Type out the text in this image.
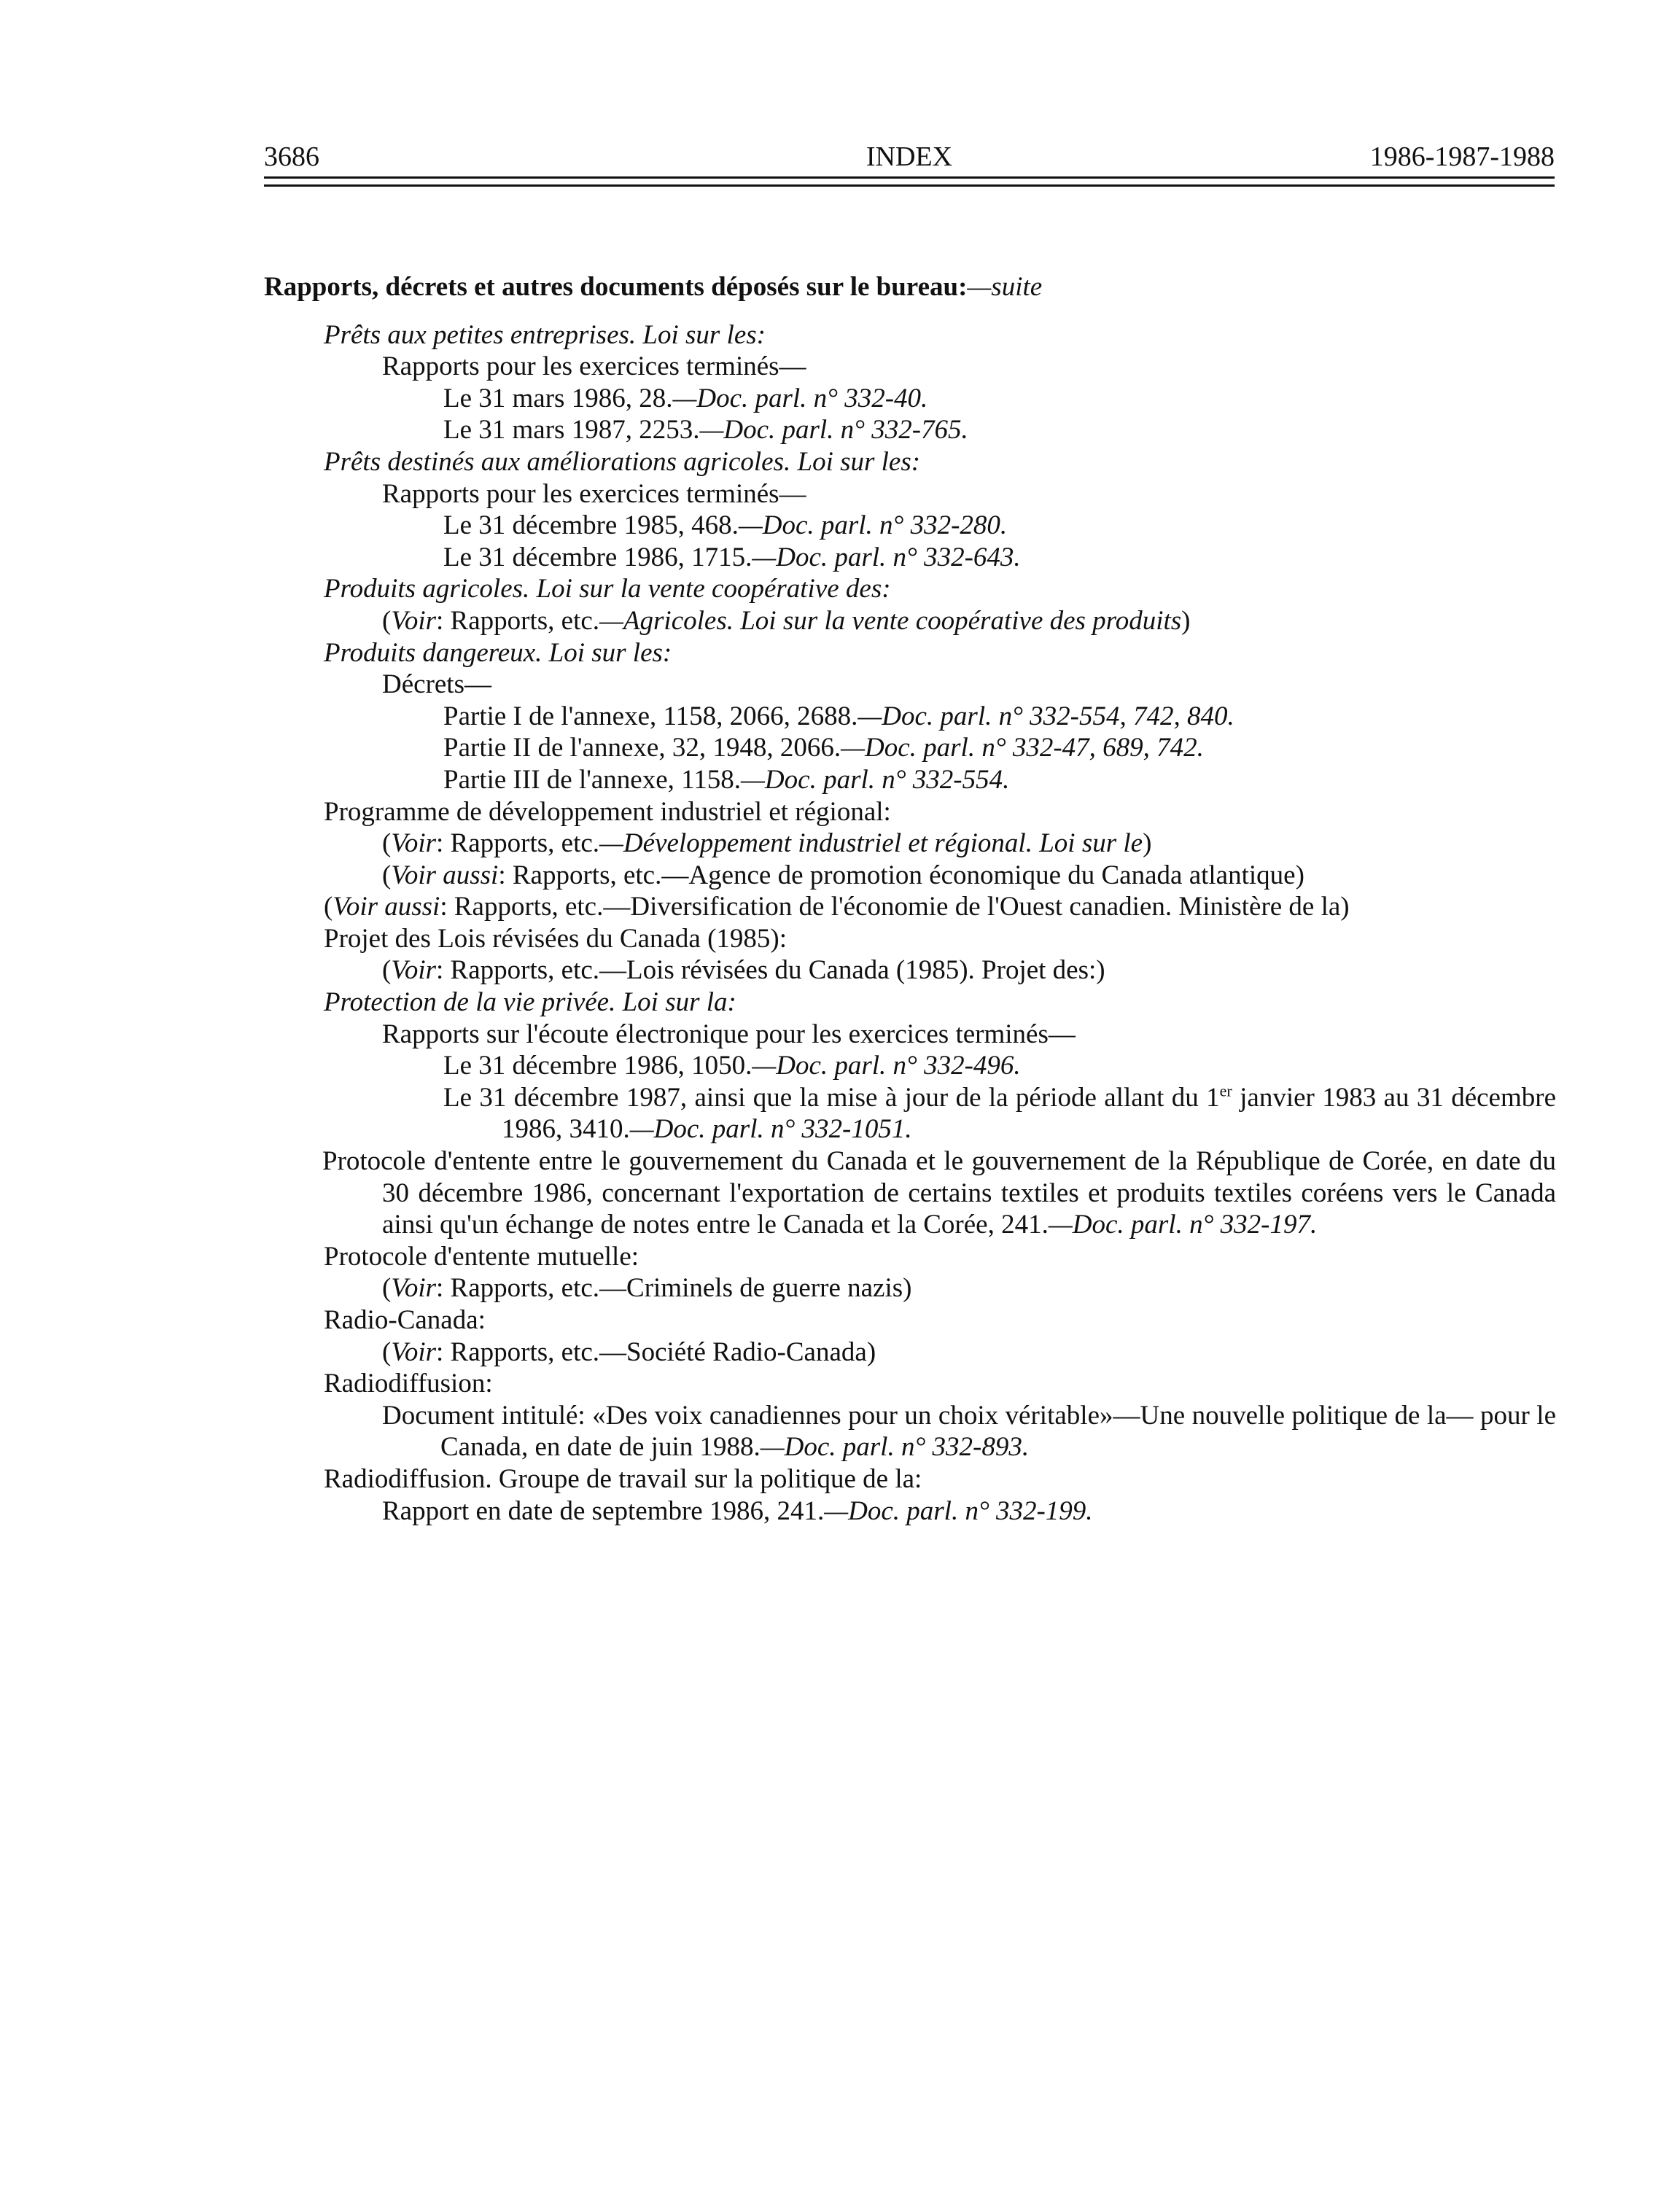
3686	INDEX	1986-1987-1988
Rapports, décrets et autres documents déposés sur le bureau:—suite
Prêts aux petites entreprises. Loi sur les:
Rapports pour les exercices terminés—
Le 31 mars 1986, 28.—Doc. parl. n° 332-40.
Le 31 mars 1987, 2253.—Doc. parl. n° 332-765.
Prêts destinés aux améliorations agricoles. Loi sur les:
Rapports pour les exercices terminés—
Le 31 décembre 1985, 468.—Doc. parl. n° 332-280.
Le 31 décembre 1986, 1715.—Doc. parl. n° 332-643.
Produits agricoles. Loi sur la vente coopérative des:
(Voir: Rapports, etc.—Agricoles. Loi sur la vente coopérative des produits)
Produits dangereux. Loi sur les:
Décrets—
Partie I de l'annexe, 1158, 2066, 2688.—Doc. parl. n° 332-554, 742, 840.
Partie II de l'annexe, 32, 1948, 2066.—Doc. parl. n° 332-47, 689, 742.
Partie III de l'annexe, 1158.—Doc. parl. n° 332-554.
Programme de développement industriel et régional:
(Voir: Rapports, etc.—Développement industriel et régional. Loi sur le)
(Voir aussi: Rapports, etc.—Agence de promotion économique du Canada atlantique)
(Voir aussi: Rapports, etc.—Diversification de l'économie de l'Ouest canadien. Ministère de la)
Projet des Lois révisées du Canada (1985):
(Voir: Rapports, etc.—Lois révisées du Canada (1985). Projet des:)
Protection de la vie privée. Loi sur la:
Rapports sur l'écoute électronique pour les exercices terminés—
Le 31 décembre 1986, 1050.—Doc. parl. n° 332-496.
Le 31 décembre 1987, ainsi que la mise à jour de la période allant du 1er janvier 1983 au 31 décembre 1986, 3410.—Doc. parl. n° 332-1051.
Protocole d'entente entre le gouvernement du Canada et le gouvernement de la République de Corée, en date du 30 décembre 1986, concernant l'exportation de certains textiles et produits textiles coréens vers le Canada ainsi qu'un échange de notes entre le Canada et la Corée, 241.—Doc. parl. n° 332-197.
Protocole d'entente mutuelle:
(Voir: Rapports, etc.—Criminels de guerre nazis)
Radio-Canada:
(Voir: Rapports, etc.—Société Radio-Canada)
Radiodiffusion:
Document intitulé: «Des voix canadiennes pour un choix véritable»—Une nouvelle politique de la— pour le Canada, en date de juin 1988.—Doc. parl. n° 332-893.
Radiodiffusion. Groupe de travail sur la politique de la:
Rapport en date de septembre 1986, 241.—Doc. parl. n° 332-199.
